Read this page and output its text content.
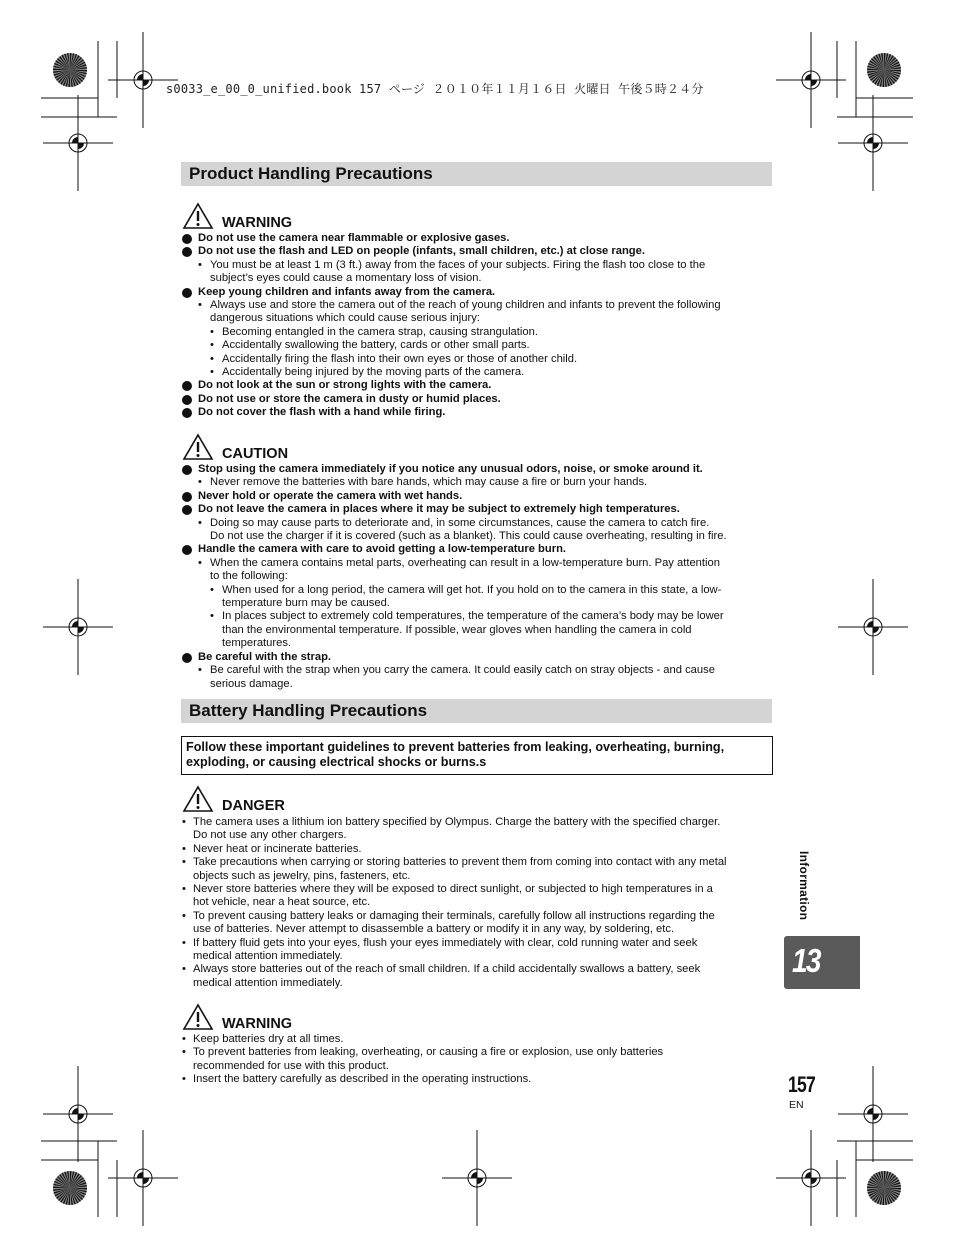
s0033_e_00_0_unified.book 157 ページ ２０１０年１１月１６日 火曜日 午後５時２４分
Product Handling Precautions
WARNING
Do not use the camera near flammable or explosive gases.
Do not use the flash and LED on people (infants, small children, etc.) at close range.
• You must be at least 1 m (3 ft.) away from the faces of your subjects. Firing the flash too close to the
subject’s eyes could cause a momentary loss of vision.
Keep young children and infants away from the camera.
• Always use and store the camera out of the reach of young children and infants to prevent the following
dangerous situations which could cause serious injury:
• Becoming entangled in the camera strap, causing strangulation.
• Accidentally swallowing the battery, cards or other small parts.
• Accidentally firing the flash into their own eyes or those of another child.
• Accidentally being injured by the moving parts of the camera.
Do not look at the sun or strong lights with the camera.
Do not use or store the camera in dusty or humid places.
Do not cover the flash with a hand while firing.
CAUTION
Stop using the camera immediately if you notice any unusual odors, noise, or smoke around it.
• Never remove the batteries with bare hands, which may cause a fire or burn your hands.
Never hold or operate the camera with wet hands.
Do not leave the camera in places where it may be subject to extremely high temperatures.
• Doing so may cause parts to deteriorate and, in some circumstances, cause the camera to catch fire.
Do not use the charger if it is covered (such as a blanket). This could cause overheating, resulting in fire.
Handle the camera with care to avoid getting a low-temperature burn.
• When the camera contains metal parts, overheating can result in a low-temperature burn. Pay attention
to the following:
• When used for a long period, the camera will get hot. If you hold on to the camera in this state, a low-
temperature burn may be caused.
• In places subject to extremely cold temperatures, the temperature of the camera’s body may be lower
than the environmental temperature. If possible, wear gloves when handling the camera in cold
temperatures.
Be careful with the strap.
• Be careful with the strap when you carry the camera. It could easily catch on stray objects - and cause
serious damage.
Battery Handling Precautions
Follow these important guidelines to prevent batteries from leaking, overheating, burning,
exploding, or causing electrical shocks or burns.s
DANGER
• The camera uses a lithium ion battery specified by Olympus. Charge the battery with the specified charger.
Do not use any other chargers.
• Never heat or incinerate batteries.
• Take precautions when carrying or storing batteries to prevent them from coming into contact with any metal
objects such as jewelry, pins, fasteners, etc.
• Never store batteries where they will be exposed to direct sunlight, or subjected to high temperatures in a
hot vehicle, near a heat source, etc.
• To prevent causing battery leaks or damaging their terminals, carefully follow all instructions regarding the
use of batteries. Never attempt to disassemble a battery or modify it in any way, by soldering, etc.
• If battery fluid gets into your eyes, flush your eyes immediately with clear, cold running water and seek
medical attention immediately.
• Always store batteries out of the reach of small children. If a child accidentally swallows a battery, seek
medical attention immediately.
WARNING
• Keep batteries dry at all times.
• To prevent batteries from leaking, overheating, or causing a fire or explosion, use only batteries
recommended for use with this product.
• Insert the battery carefully as described in the operating instructions.
Information
13
157
EN
